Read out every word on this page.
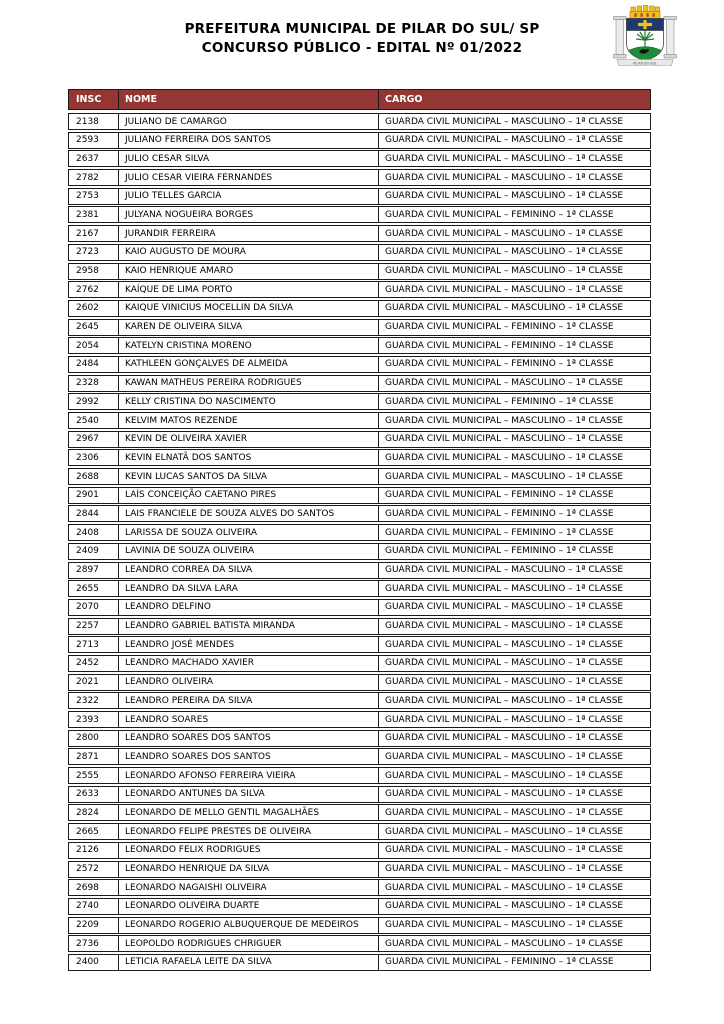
PREFEITURA MUNICIPAL DE PILAR DO SUL/ SP
CONCURSO PÚBLICO - EDITAL Nº 01/2022
PILAR DO SUL
INSC	NOME	CARGO
2138	JULIANO DE CAMARGO	GUARDA CIVIL MUNICIPAL – MASCULINO – 1ª CLASSE
2593	JULIANO FERREIRA DOS SANTOS	GUARDA CIVIL MUNICIPAL – MASCULINO – 1ª CLASSE
2637	JULIO CESAR SILVA	GUARDA CIVIL MUNICIPAL – MASCULINO – 1ª CLASSE
2782	JULIO CESAR VIEIRA FERNANDES	GUARDA CIVIL MUNICIPAL – MASCULINO – 1ª CLASSE
2753	JULIO TELLES GARCIA	GUARDA CIVIL MUNICIPAL – MASCULINO – 1ª CLASSE
2381	JULYANA NOGUEIRA BORGES	GUARDA CIVIL MUNICIPAL – FEMININO – 1ª CLASSE
2167	JURANDIR FERREIRA	GUARDA CIVIL MUNICIPAL – MASCULINO – 1ª CLASSE
2723	KAIO AUGUSTO DE MOURA	GUARDA CIVIL MUNICIPAL – MASCULINO – 1ª CLASSE
2958	KAIO HENRIQUE AMARO	GUARDA CIVIL MUNICIPAL – MASCULINO – 1ª CLASSE
2762	KAÍQUE DE LIMA PORTO	GUARDA CIVIL MUNICIPAL – MASCULINO – 1ª CLASSE
2602	KAIQUE VINICIUS MOCELLIN DA SILVA	GUARDA CIVIL MUNICIPAL – MASCULINO – 1ª CLASSE
2645	KAREN DE OLIVEIRA SILVA	GUARDA CIVIL MUNICIPAL – FEMININO – 1ª CLASSE
2054	KATELYN CRISTINA MORENO	GUARDA CIVIL MUNICIPAL – FEMININO – 1ª CLASSE
2484	KATHLEEN GONÇALVES DE ALMEIDA	GUARDA CIVIL MUNICIPAL – FEMININO – 1ª CLASSE
2328	KAWAN MATHEUS PEREIRA RODRIGUES	GUARDA CIVIL MUNICIPAL – MASCULINO – 1ª CLASSE
2992	KELLY CRISTINA DO NASCIMENTO	GUARDA CIVIL MUNICIPAL – FEMININO – 1ª CLASSE
2540	KELVIM MATOS REZENDE	GUARDA CIVIL MUNICIPAL – MASCULINO – 1ª CLASSE
2967	KEVIN DE OLIVEIRA XAVIER	GUARDA CIVIL MUNICIPAL – MASCULINO – 1ª CLASSE
2306	KEVIN ELNATÃ DOS SANTOS	GUARDA CIVIL MUNICIPAL – MASCULINO – 1ª CLASSE
2688	KEVIN LUCAS SANTOS DA SILVA	GUARDA CIVIL MUNICIPAL – MASCULINO – 1ª CLASSE
2901	LAÍS CONCEIÇÃO CAETANO PIRES	GUARDA CIVIL MUNICIPAL – FEMININO – 1ª CLASSE
2844	LAIS FRANCIELE DE SOUZA ALVES DO SANTOS	GUARDA CIVIL MUNICIPAL – FEMININO – 1ª CLASSE
2408	LARISSA DE SOUZA OLIVEIRA	GUARDA CIVIL MUNICIPAL – FEMININO – 1ª CLASSE
2409	LAVINIA DE SOUZA OLIVEIRA	GUARDA CIVIL MUNICIPAL – FEMININO – 1ª CLASSE
2897	LEANDRO CORREA DA SILVA	GUARDA CIVIL MUNICIPAL – MASCULINO – 1ª CLASSE
2655	LEANDRO DA SILVA LARA	GUARDA CIVIL MUNICIPAL – MASCULINO – 1ª CLASSE
2070	LEANDRO DELFINO	GUARDA CIVIL MUNICIPAL – MASCULINO – 1ª CLASSE
2257	LEANDRO GABRIEL BATISTA MIRANDA	GUARDA CIVIL MUNICIPAL – MASCULINO – 1ª CLASSE
2713	LEANDRO JOSÉ MENDES	GUARDA CIVIL MUNICIPAL – MASCULINO – 1ª CLASSE
2452	LEANDRO MACHADO XAVIER	GUARDA CIVIL MUNICIPAL – MASCULINO – 1ª CLASSE
2021	LEANDRO OLIVEIRA	GUARDA CIVIL MUNICIPAL – MASCULINO – 1ª CLASSE
2322	LEANDRO PEREIRA DA SILVA	GUARDA CIVIL MUNICIPAL – MASCULINO – 1ª CLASSE
2393	LEANDRO SOARES	GUARDA CIVIL MUNICIPAL – MASCULINO – 1ª CLASSE
2800	LEANDRO SOARES DOS SANTOS	GUARDA CIVIL MUNICIPAL – MASCULINO – 1ª CLASSE
2871	LEANDRO SOARES DOS SANTOS	GUARDA CIVIL MUNICIPAL – MASCULINO – 1ª CLASSE
2555	LEONARDO AFONSO FERREIRA VIEIRA	GUARDA CIVIL MUNICIPAL – MASCULINO – 1ª CLASSE
2633	LEONARDO ANTUNES DA SILVA	GUARDA CIVIL MUNICIPAL – MASCULINO – 1ª CLASSE
2824	LEONARDO DE MELLO GENTIL MAGALHÃES	GUARDA CIVIL MUNICIPAL – MASCULINO – 1ª CLASSE
2665	LEONARDO FELIPE PRESTES DE OLIVEIRA	GUARDA CIVIL MUNICIPAL – MASCULINO – 1ª CLASSE
2126	LEONARDO FELIX RODRIGUES	GUARDA CIVIL MUNICIPAL – MASCULINO – 1ª CLASSE
2572	LEONARDO HENRIQUE DA SILVA	GUARDA CIVIL MUNICIPAL – MASCULINO – 1ª CLASSE
2698	LEONARDO NAGAISHI OLIVEIRA	GUARDA CIVIL MUNICIPAL – MASCULINO – 1ª CLASSE
2740	LEONARDO OLIVEIRA DUARTE	GUARDA CIVIL MUNICIPAL – MASCULINO – 1ª CLASSE
2209	LEONARDO ROGERIO ALBUQUERQUE DE MEDEIROS	GUARDA CIVIL MUNICIPAL – MASCULINO – 1ª CLASSE
2736	LEOPOLDO RODRIGUES CHRIGUER	GUARDA CIVIL MUNICIPAL – MASCULINO – 1ª CLASSE
2400	LETICIA RAFAELA LEITE DA SILVA	GUARDA CIVIL MUNICIPAL – FEMININO – 1ª CLASSE
